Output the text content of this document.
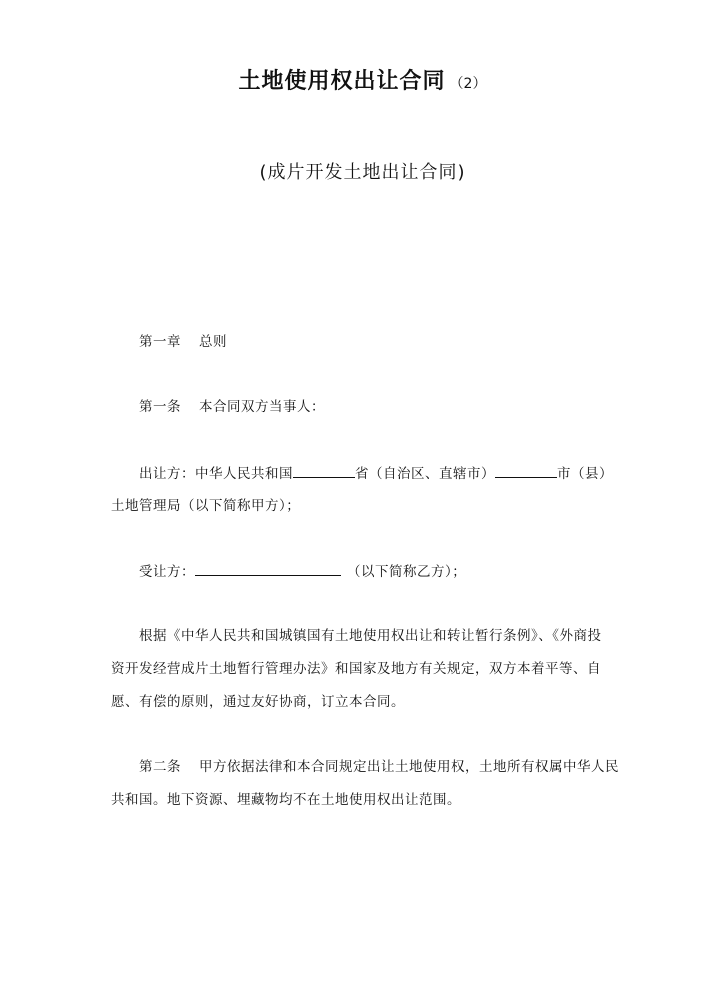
土地使用权出让合同 （2）
(成片开发土地出让合同)
第一章 总则
第一条 本合同双方当事人：
出让方：中华人民共和国	省（自治区、直辖市）	市（县）
土地管理局（以下简称甲方）；
受让方：	（以下简称乙方）；
根据《中华人民共和国城镇国有土地使用权出让和转让暂行条例》、《外商投
资开发经营成片土地暂行管理办法》和国家及地方有关规定，双方本着平等、自
愿、有偿的原则，通过友好协商，订立本合同。
第二条 甲方依据法律和本合同规定出让土地使用权，土地所有权属中华人民
共和国。地下资源、埋藏物均不在土地使用权出让范围。
